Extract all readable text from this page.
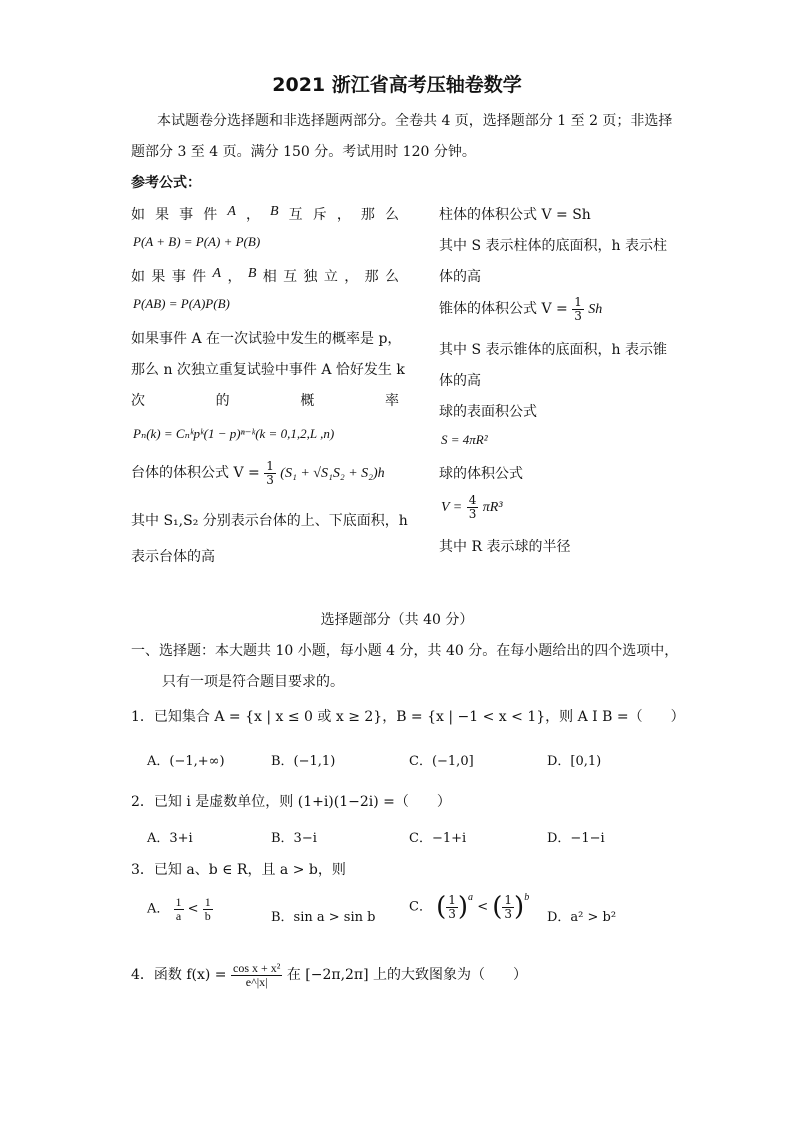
2021 浙江省高考压轴卷数学
本试题卷分选择题和非选择题两部分。全卷共 4 页，选择题部分 1 至 2 页；非选择
题部分 3 至 4 页。满分 150 分。考试用时 120 分钟。
参考公式：
如 果 事 件 A ， B 互 斥 ， 那 么
P(A + B) = P(A) + P(B)
如 果 事 件 A ， B 相 互 独 立 ， 那 么
P(AB) = P(A)P(B)
如果事件 A 在一次试验中发生的概率是 p，
那么 n 次独立重复试验中事件 A 恰好发生 k
次	的	概	率
Pₙ(k) = Cₙᵏpᵏ(1 − p)ⁿ⁻ᵏ(k = 0,1,2,L ,n)
台体的体积公式 $V = \frac{1}{3} (S_1 + √S_1S_2 + S_2)h$
其中 S₁,S₂ 分别表示台体的上、下底面积，h
表示台体的高
柱体的体积公式 V = Sh
其中 S 表示柱体的底面积，h 表示柱
体的高
锥体的体积公式 $V = \frac{1}{3}$ Sh
其中 S 表示锥体的底面积，h 表示锥
体的高
球的表面积公式
S = 4πR²
球的体积公式
$V = \frac{4}{3} \pi R^3$
其中 R 表示球的半径
选择题部分（共 40 分）
一、选择题：本大题共 10 小题，每小题 4 分，共 40 分。在每小题给出的四个选项中，
只有一项是符合题目要求的。
1．已知集合 A = {x | x ≤ 0 或 x ≥ 2}，B = {x | −1 < x < 1}，则 A I B =（　　）
A．(−1,+∞)	B．(−1,1)	C．(−1,0]	D．[0,1)
2．已知 i 是虚数单位，则 (1+i)(1−2i) =（　　）
A．3+i	B．3−i	C．−1+i	D．−1−i
3．已知 a、b ∈ R，且 a > b，则
A． $\frac{1}{a} < \frac{1}{b}$	B．sin a > sin b
C． ( $\frac{1}{3} )^a$ < ( $\frac{1}{3} )^b$
D．a² > b²
4．函数 $f(x) = \frac{\text{cos x + x²}}{e\^{}|x|}$ 在 [−2π,2π] 上的大致图象为（　　）
